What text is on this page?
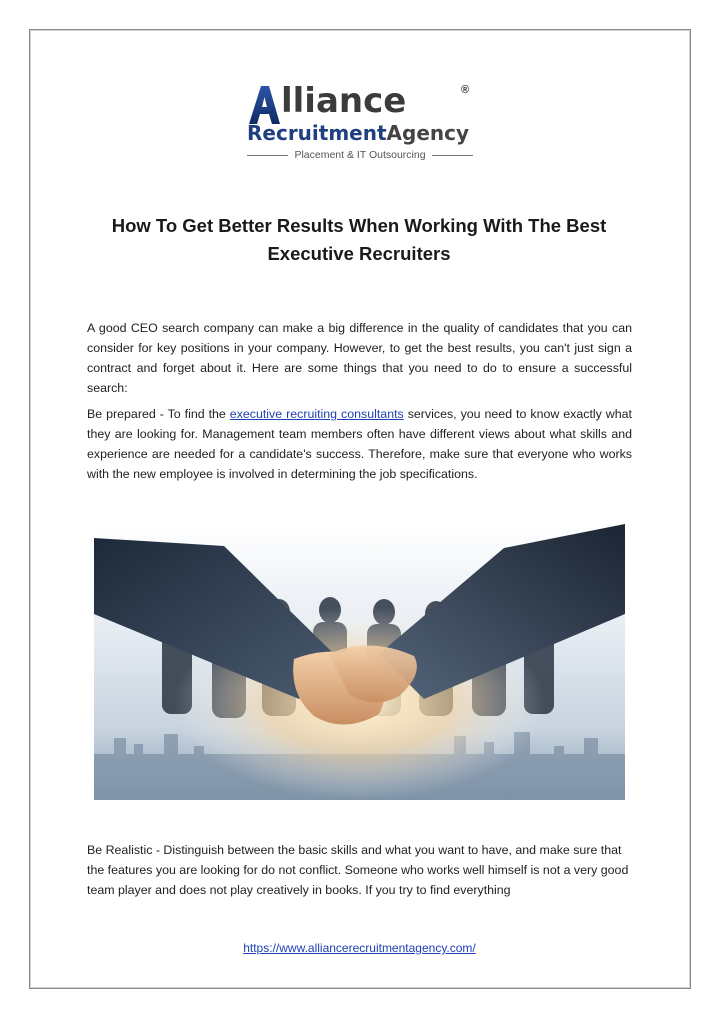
lliance	®
RecruitmentAgency
Placement & IT Outsourcing
How To Get Better Results When Working With The Best Executive Recruiters
A good CEO search company can make a big difference in the quality of candidates that you can consider for key positions in your company. However, to get the best results, you can't just sign a contract and forget about it. Here are some things that you need to do to ensure a successful search:
Be prepared - To find the executive recruiting consultants services, you need to know exactly what they are looking for. Management team members often have different views about what skills and experience are needed for a candidate's success. Therefore, make sure that everyone who works with the new employee is involved in determining the job specifications.
Be Realistic - Distinguish between the basic skills and what you want to have, and make sure that the features you are looking for do not conflict. Someone who works well himself is not a very good team player and does not play creatively in books. If you try to find everything
https://www.alliancerecruitmentagency.com/
